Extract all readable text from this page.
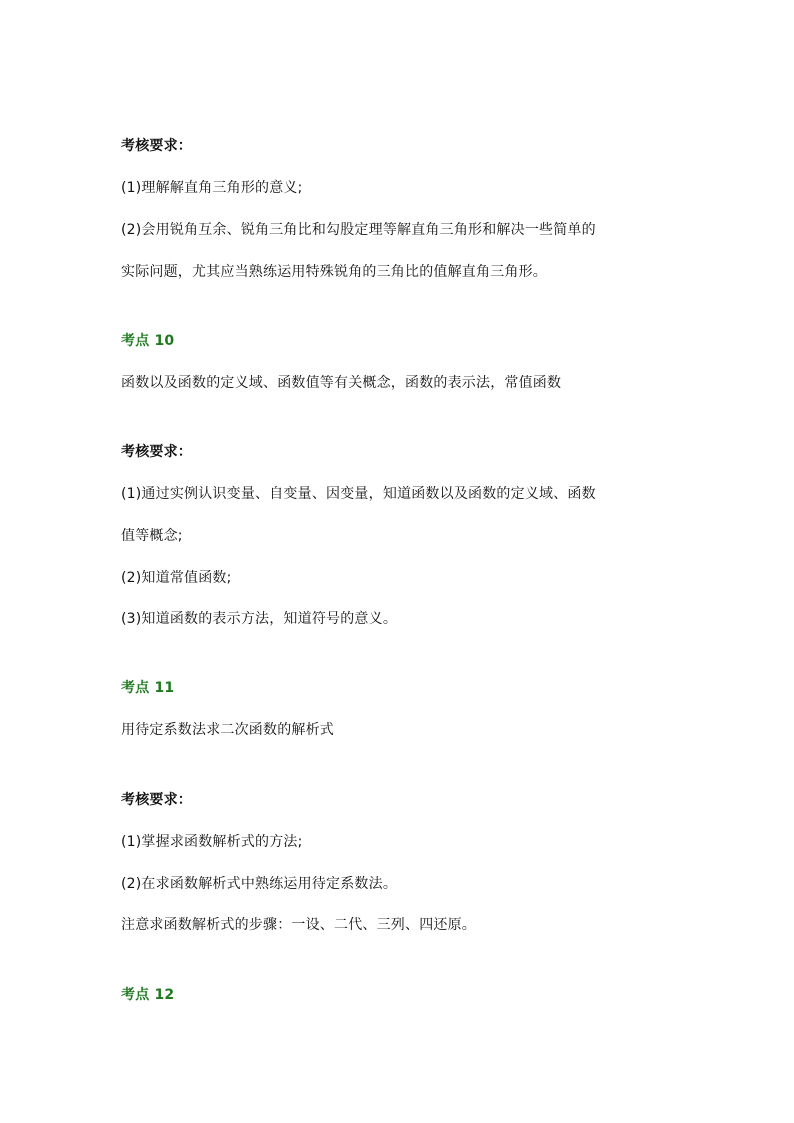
考核要求：
(1)理解解直角三角形的意义;
(2)会用锐角互余、锐角三角比和勾股定理等解直角三角形和解决一些简单的
实际问题，尤其应当熟练运用特殊锐角的三角比的值解直角三角形。
考点 10
函数以及函数的定义域、函数值等有关概念，函数的表示法，常值函数
考核要求：
(1)通过实例认识变量、自变量、因变量，知道函数以及函数的定义域、函数
值等概念;
(2)知道常值函数;
(3)知道函数的表示方法，知道符号的意义。
考点 11
用待定系数法求二次函数的解析式
考核要求：
(1)掌握求函数解析式的方法;
(2)在求函数解析式中熟练运用待定系数法。
注意求函数解析式的步骤：一设、二代、三列、四还原。
考点 12
